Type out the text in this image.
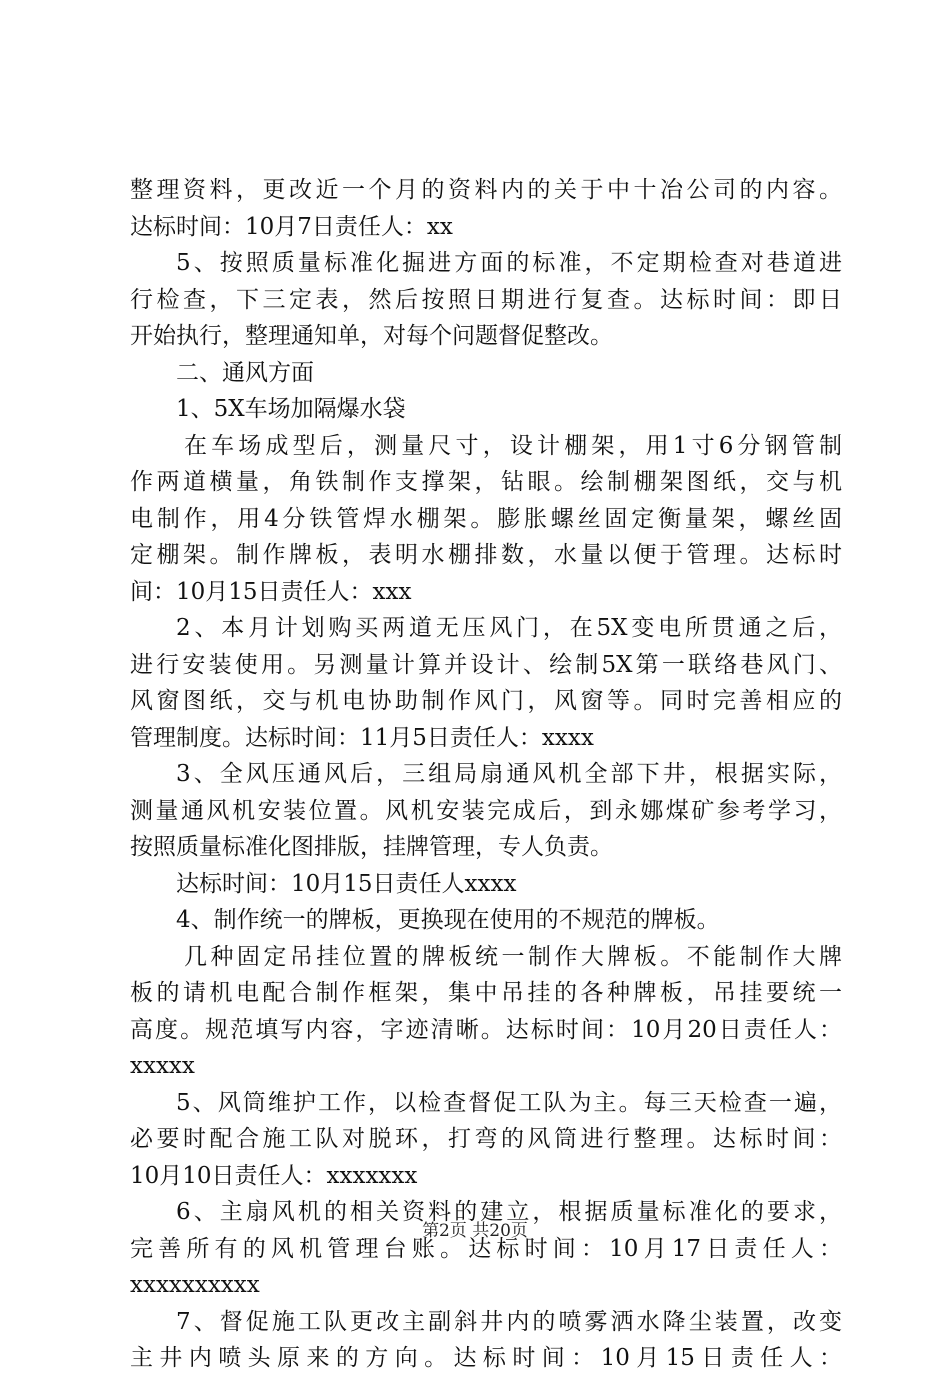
整理资料，更改近一个月的资料内的关于中十冶公司的内容。
达标时间：10月7日责任人：xx
5、按照质量标准化掘进方面的标准，不定期检查对巷道进
行检查，下三定表，然后按照日期进行复查。达标时间：即日
开始执行，整理通知单，对每个问题督促整改。
二、通风方面
1、5X车场加隔爆水袋
在车场成型后，测量尺寸，设计棚架，用1寸6分钢管制
作两道横量，角铁制作支撑架，钻眼。绘制棚架图纸，交与机
电制作，用4分铁管焊水棚架。膨胀螺丝固定衡量架，螺丝固
定棚架。制作牌板，表明水棚排数，水量以便于管理。达标时
间：10月15日责任人：xxx
2、本月计划购买两道无压风门，在5X变电所贯通之后，
进行安装使用。另测量计算并设计、绘制5X第一联络巷风门、
风窗图纸，交与机电协助制作风门，风窗等。同时完善相应的
管理制度。达标时间：11月5日责任人：xxxx
3、全风压通风后，三组局扇通风机全部下井，根据实际，
测量通风机安装位置。风机安装完成后，到永娜煤矿参考学习，
按照质量标准化图排版，挂牌管理，专人负责。
达标时间：10月15日责任人xxxx
4、制作统一的牌板，更换现在使用的不规范的牌板。
几种固定吊挂位置的牌板统一制作大牌板。不能制作大牌
板的请机电配合制作框架，集中吊挂的各种牌板，吊挂要统一
高度。规范填写内容，字迹清晰。达标时间：10月20日责任人：
xxxxx
5、风筒维护工作，以检查督促工队为主。每三天检查一遍，
必要时配合施工队对脱环，打弯的风筒进行整理。达标时间：
10月10日责任人：xxxxxxx
6、主扇风机的相关资料的建立，根据质量标准化的要求，
完善所有的风机管理台账。达标时间：10月17日责任人：
xxxxxxxxxx
7、督促施工队更改主副斜井内的喷雾洒水降尘装置，改变
主井内喷头原来的方向。达标时间：10月15日责任人：
第2页 共20页
